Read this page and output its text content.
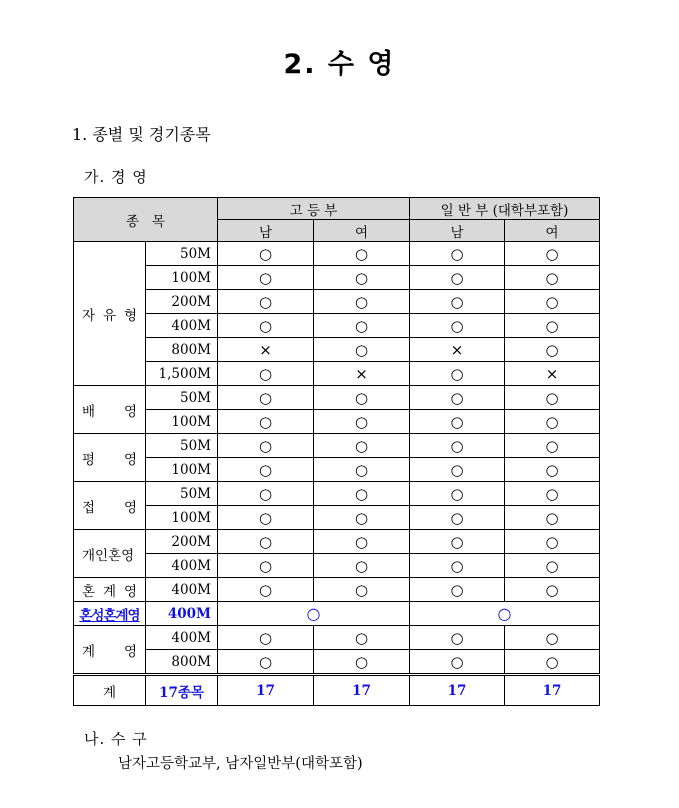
2. 수 영
1. 종별 및 경기종목
가. 경 영
종   목		고 등 부		일 반 부 (대학부포함)	
		남	여	남	여
자 유 형	50M	○	○	○	○
	100M	○	○	○	○
	200M	○	○	○	○
	400M	○	○	○	○
	800M	×	○	×	○
	1,500M	○	×	○	×
배   영	50M	○	○	○	○
	100M	○	○	○	○
평   영	50M	○	○	○	○
	100M	○	○	○	○
접   영	50M	○	○	○	○
	100M	○	○	○	○
개인혼영	200M	○	○	○	○
	400M	○	○	○	○
혼 계 영	400M	○	○	○	○
혼성혼계영	400M	○		○	
계   영	400M	○	○	○	○
	800M	○	○	○	○
계	17종목	17	17	17	17
나. 수 구
남자고등학교부, 남자일반부(대학포함)
